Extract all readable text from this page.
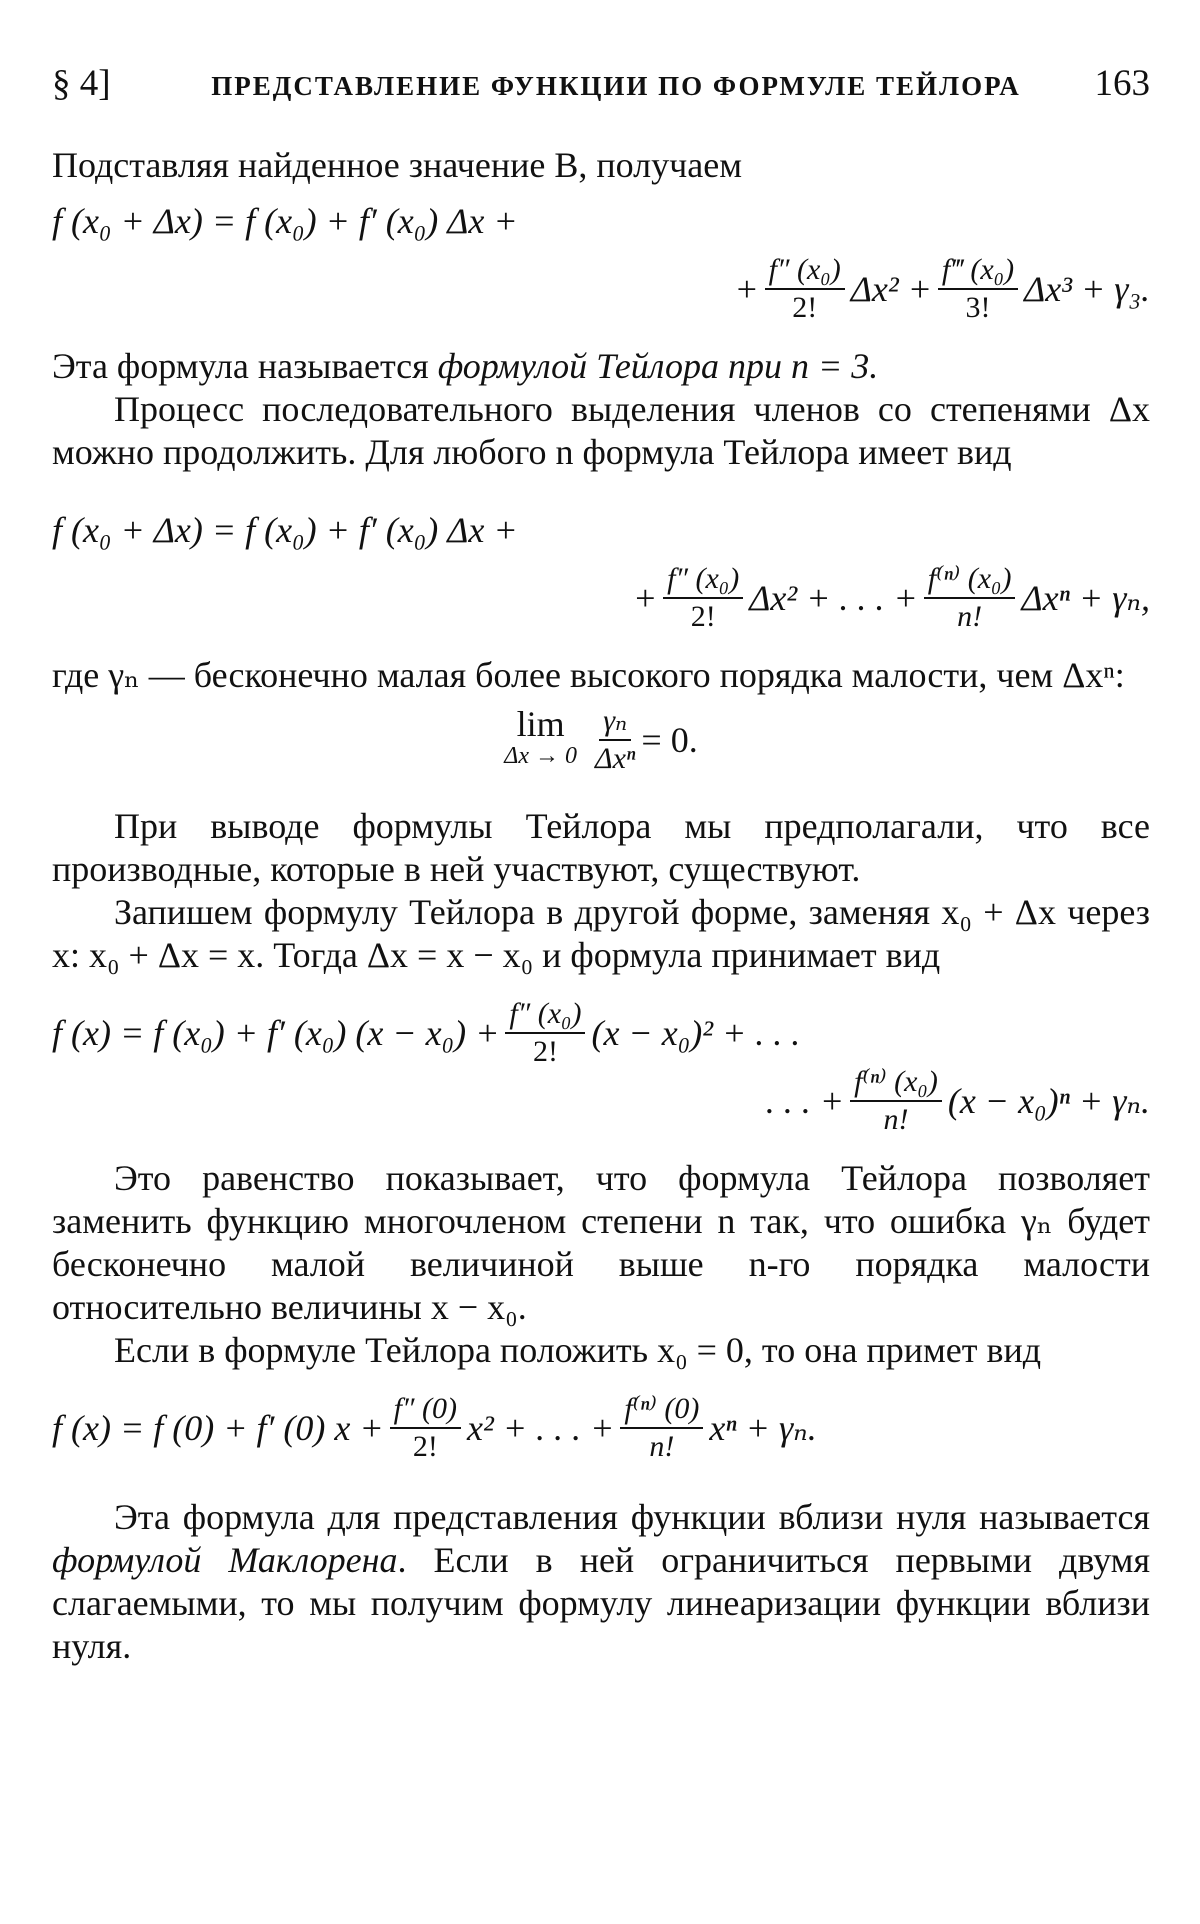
§ 4]	ПРЕДСТАВЛЕНИЕ ФУНКЦИИ ПО ФОРМУЛЕ ТЕЙЛОРА	163

Подставляя найденное значение B, получаем

f (x₀ + Δx) = f (x₀) + f′ (x₀) Δx +
+ $\frac{\text{f″ (x₀)}}{2!} \Delta x^2 + \frac{\text{f‴ (x₀)}}{3!} \Delta x^3 + \gamma_3$.

Эта формула называется формулой Тейлора при n = 3.

Процесс последовательного выделения членов со степенями Δx можно продолжить. Для любого n формула Тейлора имеет вид

f (x₀ + Δx) = f (x₀) + f′ (x₀) Δx +
+ $\frac{\text{f″ (x₀)}}{2!} \Delta x^2$ + . . . + $\frac{\text{f⁽ⁿ⁾ (x₀)}}{n!}$ Δxⁿ + γₙ,

где γₙ — бесконечно малая более высокого порядка малости, чем Δxⁿ:

lim
$\Delta x \to 0 \frac{\text{γₙ}}{\text{Δxⁿ}} = 0$.

При выводе формулы Тейлора мы предполагали, что все производные, которые в ней участвуют, существуют.

Запишем формулу Тейлора в другой форме, заменяя x₀ + Δx через x: x₀ + Δx = x. Тогда Δx = x − x₀ и формула принимает вид

f (x) = f (x₀) + f′ (x₀) $(x - x_0) + \frac{\text{f″ (x₀)}}{2!} (x - x_0)^2$ + . . .
. . . + $\frac{\text{f⁽ⁿ⁾ (x₀)}}{n!} (x - x_0)^n + \gamma_n$.

Это равенство показывает, что формула Тейлора позволяет заменить функцию многочленом степени n так, что ошибка γₙ будет бесконечно малой величиной выше n-го порядка малости относительно величины x − x₀.

Если в формуле Тейлора положить x₀ = 0, то она примет вид

f (x) = f (0) + f′ (0) $x + \frac{f'' (0)}{2!} x^2$ + . . . + $\frac{\text{f⁽ⁿ⁾ (0)}}{n!}$ xⁿ + γₙ.

Эта формула для представления функции вблизи нуля называется формулой Маклорена. Если в ней ограничиться первыми двумя слагаемыми, то мы получим формулу линеаризации функции вблизи нуля.
